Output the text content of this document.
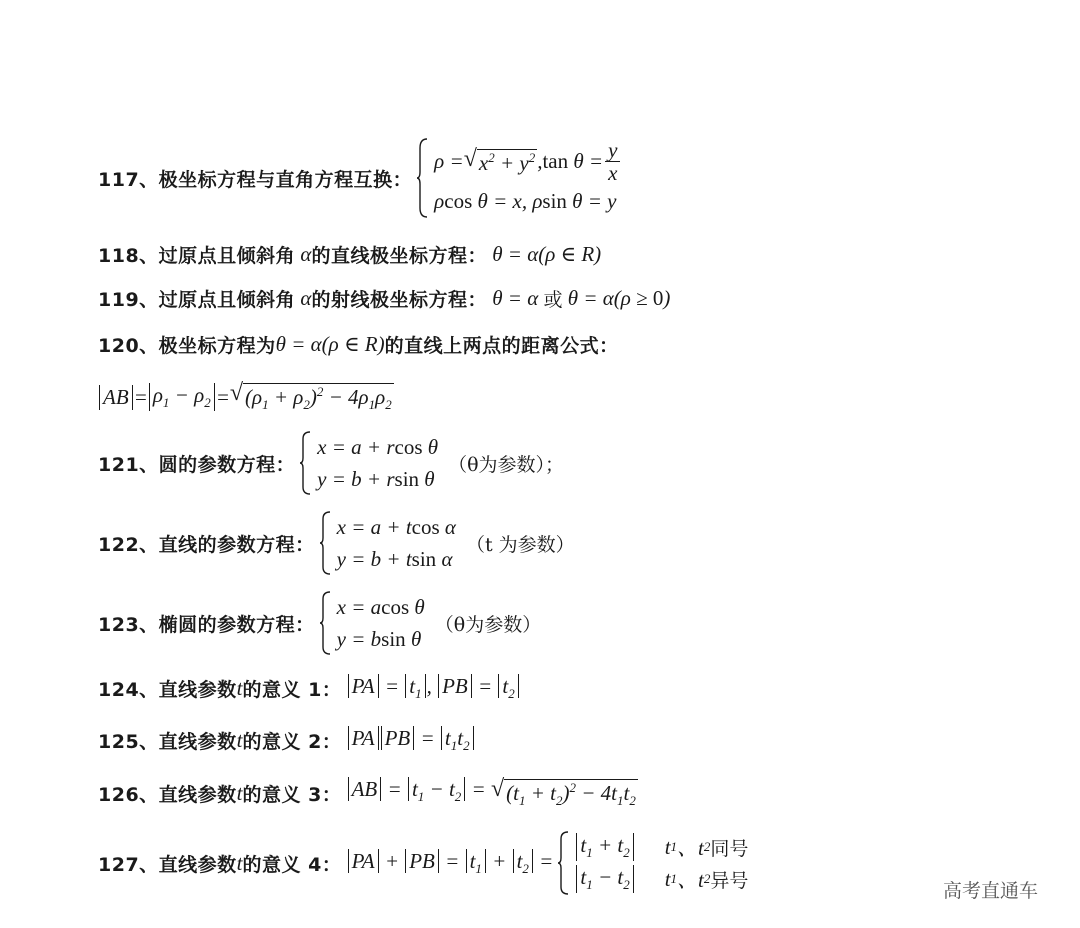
117、极坐标方程与直角方程互换：
ρ = √ $x^2 + y^2$ , $\tan \theta = \frac{y}{x}$
ρ cos θ = x, ρ sin θ = y
118、过原点且倾斜角 α 的直线极坐标方程： θ = α(ρ ∈ R)
119、过原点且倾斜角 α 的射线极坐标方程： θ = α 或 θ = α(ρ ≥ 0)
120、极坐标方程为 θ = α(ρ ∈ R) 的直线上两点的距离公式：
AB = $\rho_1 - \rho_2$ = √ $(\rho_1 + \rho_2)^2 - 4\rho_1\rho_2$
121、圆的参数方程：
x = a + r cos θ
y = b + r sin θ
（θ为参数）；
122、直线的参数方程：
x = a + t cos α
y = b + t sin α
（t 为参数）
123、椭圆的参数方程：
x = a cos θ
y = b sin θ
（θ为参数）
124、直线参数 t 的意义 1： PA = $t_1$ , PB = $t_2$
125、直线参数 t 的意义 2： PA PB = $t_1t_2$
126、直线参数 t 的意义 3： AB = $t_1 - t_2$ = √ $(t_1 + t_2)^2 - 4t_1t_2$
127、直线参数 t 的意义 4： PA + PB = $t_1 + t_2$ =
$t_1 + t_2$ t 1 、t 2 同号
$t_1 - t_2$ t 1 、t 2 异号	高考直通车
